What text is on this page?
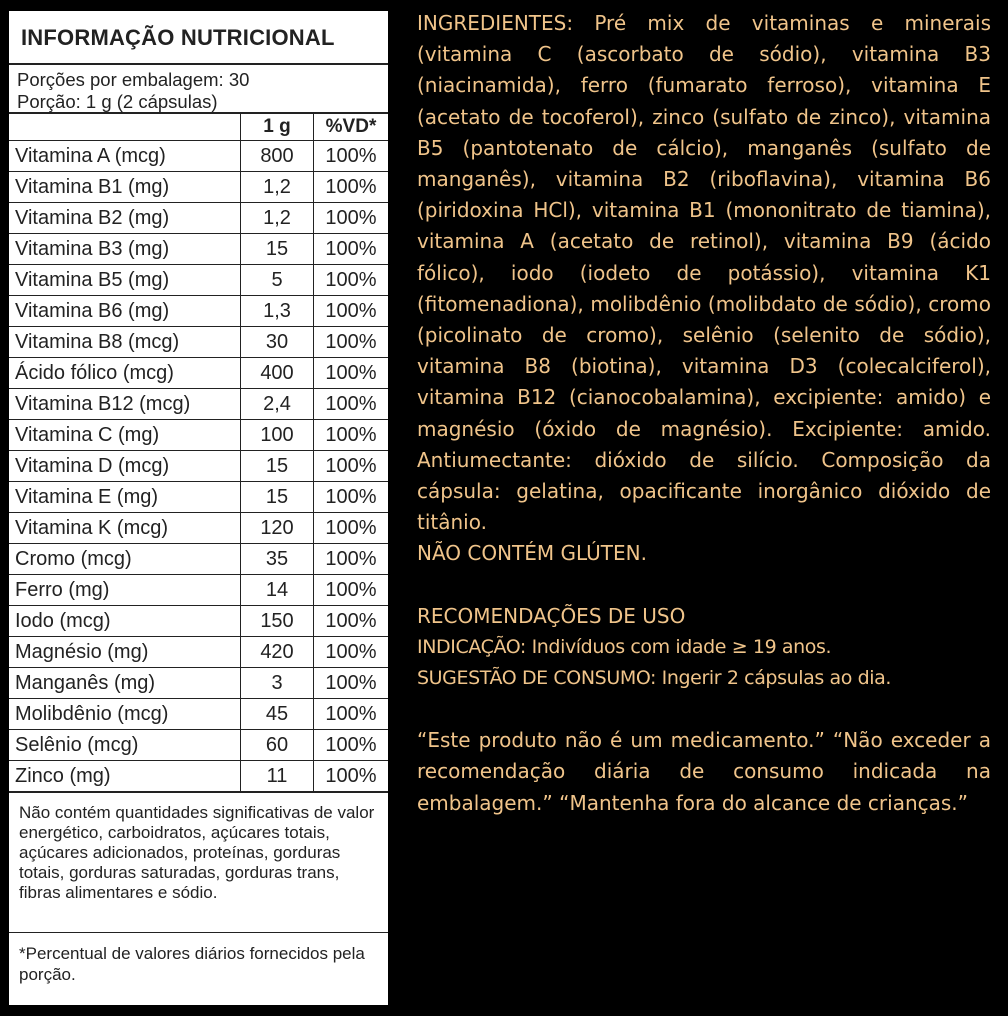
INFORMAÇÃO NUTRICIONAL
Porções por embalagem: 30
Porção: 1 g (2 cápsulas)
	1 g	%VD*
Vitamina A (mcg)	800	100%
Vitamina B1 (mg)	1,2	100%
Vitamina B2 (mg)	1,2	100%
Vitamina B3 (mg)	15	100%
Vitamina B5 (mg)	5	100%
Vitamina B6 (mg)	1,3	100%
Vitamina B8 (mcg)	30	100%
Ácido fólico (mcg)	400	100%
Vitamina B12 (mcg)	2,4	100%
Vitamina C (mg)	100	100%
Vitamina D (mcg)	15	100%
Vitamina E (mg)	15	100%
Vitamina K (mcg)	120	100%
Cromo (mcg)	35	100%
Ferro (mg)	14	100%
Iodo (mcg)	150	100%
Magnésio (mg)	420	100%
Manganês (mg)	3	100%
Molibdênio (mcg)	45	100%
Selênio (mcg)	60	100%
Zinco (mg)	11	100%
Não contém quantidades significativas de valor energético, carboidratos, açúcares totais, açúcares adicionados, proteínas, gorduras totais, gorduras saturadas, gorduras trans, fibras alimentares e sódio.
*Percentual de valores diários fornecidos pela porção.

INGREDIENTES: Pré mix de vitaminas e minerais (vitamina C (ascorbato de sódio), vitamina B3 (niacinamida), ferro (fumarato ferroso), vitamina E (acetato de tocoferol), zinco (sulfato de zinco), vitamina B5 (pantotenato de cálcio), manganês (sulfato de manganês), vitamina B2 (riboflavina), vitamina B6 (piridoxina HCl), vitamina B1 (mononitrato de tiamina), vitamina A (acetato de retinol), vitamina B9 (ácido fólico), iodo (iodeto de potássio), vitamina K1 (fitomenadiona), molibdênio (molibdato de sódio), cromo (picolinato de cromo), selênio (selenito de sódio), vitamina B8 (biotina), vitamina D3 (colecalciferol), vitamina B12 (cianocobalamina), excipiente: amido) e magnésio (óxido de magnésio). Excipiente: amido. Antiumectante: dióxido de silício. Composição da cápsula: gelatina, opacificante inorgânico dióxido de titânio.

NÃO CONTÉM GLÚTEN.

RECOMENDAÇÕES DE USO

INDICAÇÃO: Indivíduos com idade ≥ 19 anos.

SUGESTÃO DE CONSUMO: Ingerir 2 cápsulas ao dia.

“Este produto não é um medicamento.” “Não exceder a recomendação diária de consumo indicada na embalagem.” “Mantenha fora do alcance de crianças.”
